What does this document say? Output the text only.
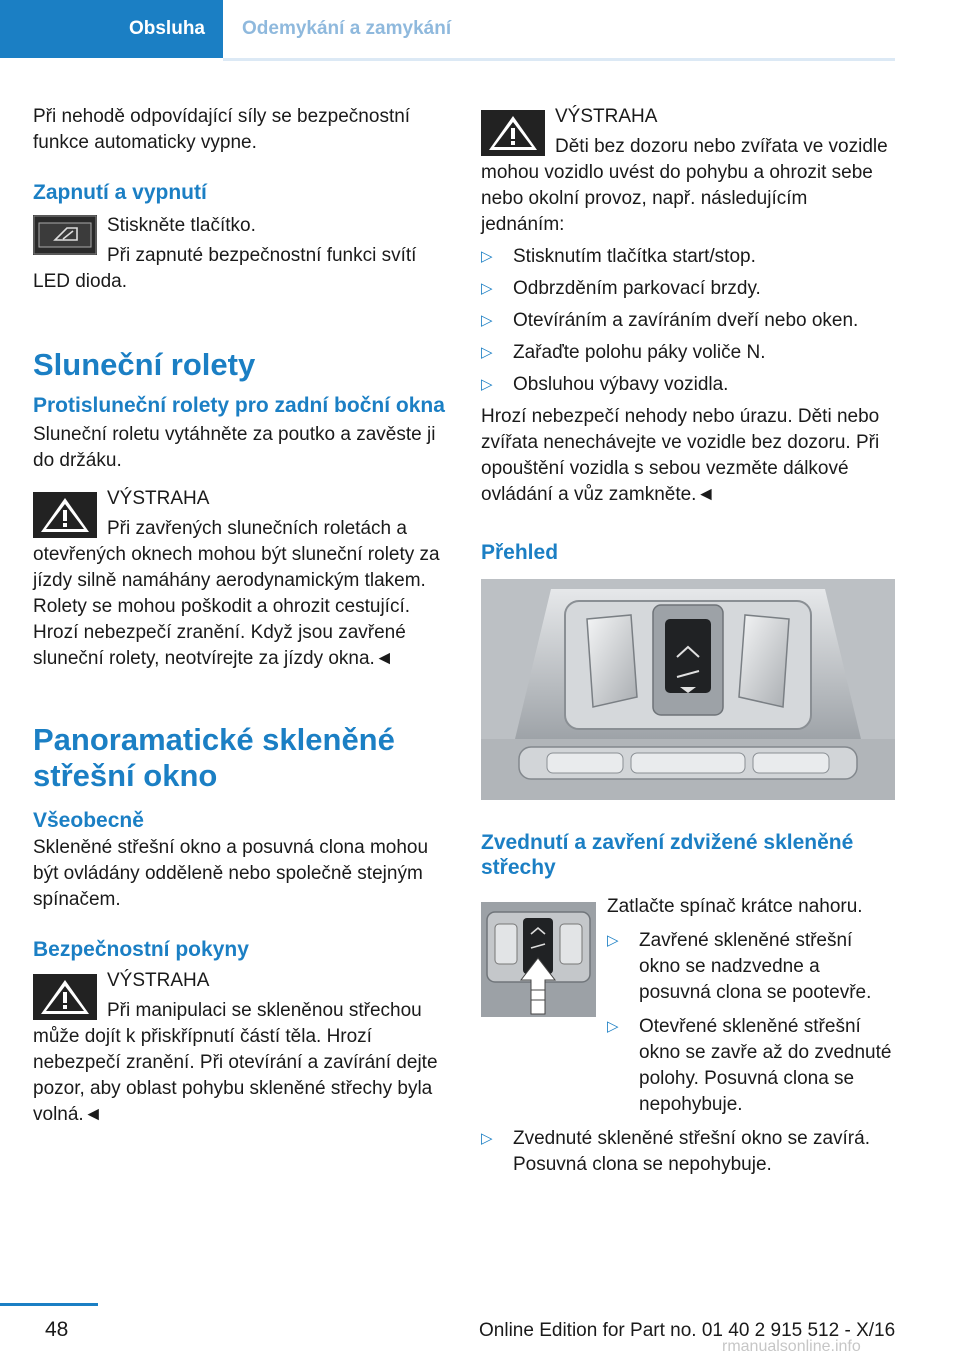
Obsluha Odemykání a zamykání

Při nehodě odpovídající síly se bezpečnostní funkce automaticky vypne.

Zapnutí a vypnutí

Stiskněte tlačítko.

Při zapnuté bezpečnostní funkci svítí

LED dioda.

Sluneční rolety

Protisluneční rolety pro zadní boční okna

Sluneční roletu vytáhněte za poutko a zavěste ji do držáku.

VÝSTRAHA

Při zavřených slunečních roletách a otevřených oknech mohou být sluneční rolety za jízdy silně namáhány aerodynamickým tlakem. Rolety se mohou poškodit a ohrozit cestující. Hrozí nebezpečí zranění. Když jsou zavřené sluneční rolety, neotvírejte za jízdy okna.◄

Panoramatické skleněné střešní okno

Všeobecně

Skleněné střešní okno a posuvná clona mohou být ovládány odděleně nebo společně stejným spínačem.

Bezpečnostní pokyny

VÝSTRAHA

Při manipulaci se skleněnou střechou může dojít k přiskřípnutí částí těla. Hrozí nebezpečí zranění. Při otevírání a zavírání dejte pozor, aby oblast pohybu skleněné střechy byla volná.◄

VÝSTRAHA

Děti bez dozoru nebo zvířata ve vozidle mohou vozidlo uvést do pohybu a ohrozit sebe nebo okolní provoz, např. následujícím jednáním:

▷ Stisknutím tlačítka start/stop.
▷ Odbrzděním parkovací brzdy.
▷ Otevíráním a zavíráním dveří nebo oken.
▷ Zařaďte polohu páky voliče N.
▷ Obsluhou výbavy vozidla.

Hrozí nebezpečí nehody nebo úrazu. Děti nebo zvířata nenechávejte ve vozidle bez dozoru. Při opouštění vozidla s sebou vezměte dálkové ovládání a vůz zamkněte.◄

Přehled

Zvednutí a zavření zdvižené skleněné střechy

Zatlačte spínač krátce nahoru.

▷ Zavřené skleněné střešní okno se nadzvedne a posuvná clona se pootevře.
▷ Otevřené skleněné střešní okno se zavře až do zvednuté polohy. Posuvná clona se nepohybuje.
▷ Zvednuté skleněné střešní okno se zavírá. Posuvná clona se nepohybuje.
48	Online Edition for Part no. 01 40 2 915 512 - X/16
rmanualsonline.info
